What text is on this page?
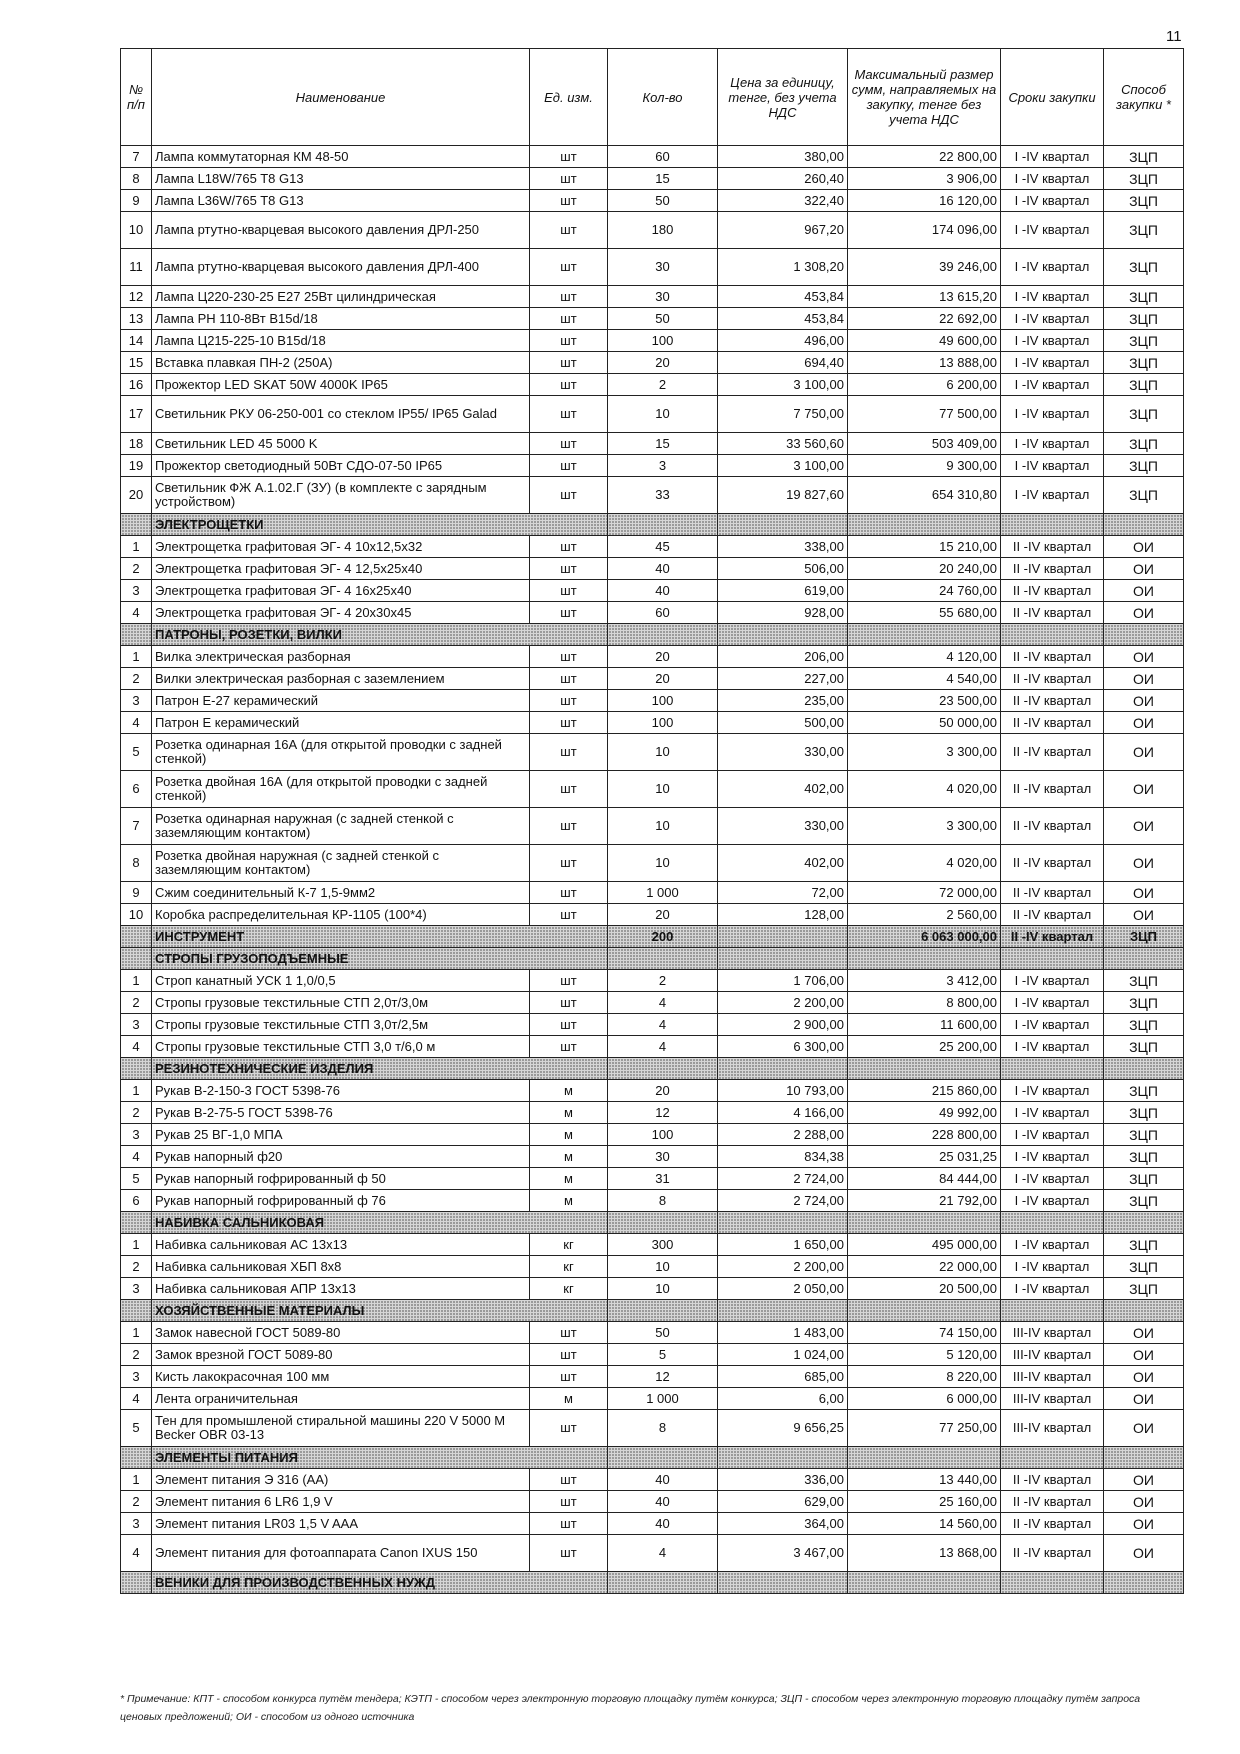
11
№ п/п	Наименование	Ед. изм.	Кол-во	Цена за единицу, тенге, без учета НДС	Максимальный размер сумм, направляемых на закупку, тенге без учета НДС	Сроки закупки	Способ закупки *
7	Лампа коммутаторная КМ 48-50	шт	60	380,00	22 800,00	I -IV квартал	ЗЦП
8	Лампа L18W/765 T8 G13	шт	15	260,40	3 906,00	I -IV квартал	ЗЦП
9	Лампа L36W/765 T8 G13	шт	50	322,40	16 120,00	I -IV квартал	ЗЦП
10	Лампа ртутно-кварцевая высокого давления ДРЛ-250	шт	180	967,20	174 096,00	I -IV квартал	ЗЦП
11	Лампа ртутно-кварцевая высокого давления ДРЛ-400	шт	30	1 308,20	39 246,00	I -IV квартал	ЗЦП
12	Лампа Ц220-230-25 Е27 25Вт цилиндрическая	шт	30	453,84	13 615,20	I -IV квартал	ЗЦП
13	Лампа РН 110-8Вт В15d/18	шт	50	453,84	22 692,00	I -IV квартал	ЗЦП
14	Лампа Ц215-225-10 В15d/18	шт	100	496,00	49 600,00	I -IV квартал	ЗЦП
15	Вставка плавкая ПН-2 (250А)	шт	20	694,40	13 888,00	I -IV квартал	ЗЦП
16	Прожектор LED SKAT 50W 4000K IP65	шт	2	3 100,00	6 200,00	I -IV квартал	ЗЦП
17	Светильник РКУ 06-250-001 со стеклом IP55/ IP65 Galad	шт	10	7 750,00	77 500,00	I -IV квартал	ЗЦП
18	Светильник LED 45 5000 K	шт	15	33 560,60	503 409,00	I -IV квартал	ЗЦП
19	Прожектор светодиодный 50Вт СДО-07-50 IP65	шт	3	3 100,00	9 300,00	I -IV квартал	ЗЦП
20	Светильник ФЖ А.1.02.Г (ЗУ) (в комплекте с зарядным устройством)	шт	33	19 827,60	654 310,80	I -IV квартал	ЗЦП
	ЭЛЕКТРОЩЕТКИ						
1	Электрощетка графитовая ЭГ- 4 10х12,5х32	шт	45	338,00	15 210,00	II -IV квартал	ОИ
2	Электрощетка графитовая ЭГ- 4 12,5х25х40	шт	40	506,00	20 240,00	II -IV квартал	ОИ
3	Электрощетка графитовая ЭГ- 4 16х25х40	шт	40	619,00	24 760,00	II -IV квартал	ОИ
4	Электрощетка графитовая ЭГ- 4 20х30х45	шт	60	928,00	55 680,00	II -IV квартал	ОИ
	ПАТРОНЫ, РОЗЕТКИ, ВИЛКИ						
1	Вилка электрическая разборная	шт	20	206,00	4 120,00	II -IV квартал	ОИ
2	Вилки электрическая разборная с заземлением	шт	20	227,00	4 540,00	II -IV квартал	ОИ
3	Патрон Е-27 керамический	шт	100	235,00	23 500,00	II -IV квартал	ОИ
4	Патрон Е керамический	шт	100	500,00	50 000,00	II -IV квартал	ОИ
5	Розетка одинарная 16А (для открытой проводки с задней стенкой)	шт	10	330,00	3 300,00	II -IV квартал	ОИ
6	Розетка двойная 16А (для открытой проводки с задней стенкой)	шт	10	402,00	4 020,00	II -IV квартал	ОИ
7	Розетка одинарная наружная (с задней стенкой с заземляющим контактом)	шт	10	330,00	3 300,00	II -IV квартал	ОИ
8	Розетка двойная наружная (с задней стенкой с заземляющим контактом)	шт	10	402,00	4 020,00	II -IV квартал	ОИ
9	Сжим соединительный К-7 1,5-9мм2	шт	1 000	72,00	72 000,00	II -IV квартал	ОИ
10	Коробка распределительная КР-1105 (100*4)	шт	20	128,00	2 560,00	II -IV квартал	ОИ
	ИНСТРУМЕНТ		200		6 063 000,00	II -IV квартал	ЗЦП
	СТРОПЫ ГРУЗОПОДЪЕМНЫЕ						
1	Строп канатный УСК 1 1,0/0,5	шт	2	1 706,00	3 412,00	I -IV квартал	ЗЦП
2	Стропы грузовые текстильные СТП 2,0т/3,0м	шт	4	2 200,00	8 800,00	I -IV квартал	ЗЦП
3	Стропы грузовые текстильные СТП 3,0т/2,5м	шт	4	2 900,00	11 600,00	I -IV квартал	ЗЦП
4	Стропы грузовые текстильные СТП 3,0 т/6,0 м	шт	4	6 300,00	25 200,00	I -IV квартал	ЗЦП
	РЕЗИНОТЕХНИЧЕСКИЕ ИЗДЕЛИЯ						
1	Рукав В-2-150-3 ГОСТ 5398-76	м	20	10 793,00	215 860,00	I -IV квартал	ЗЦП
2	Рукав В-2-75-5 ГОСТ 5398-76	м	12	4 166,00	49 992,00	I -IV квартал	ЗЦП
3	Рукав 25 ВГ-1,0 МПА	м	100	2 288,00	228 800,00	I -IV квартал	ЗЦП
4	Рукав напорный ф20	м	30	834,38	25 031,25	I -IV квартал	ЗЦП
5	Рукав напорный гофрированный ф 50	м	31	2 724,00	84 444,00	I -IV квартал	ЗЦП
6	Рукав напорный гофрированный ф 76	м	8	2 724,00	21 792,00	I -IV квартал	ЗЦП
	НАБИВКА САЛЬНИКОВАЯ						
1	Набивка сальниковая АС 13х13	кг	300	1 650,00	495 000,00	I -IV квартал	ЗЦП
2	Набивка сальниковая ХБП 8х8	кг	10	2 200,00	22 000,00	I -IV квартал	ЗЦП
3	Набивка сальниковая АПР 13х13	кг	10	2 050,00	20 500,00	I -IV квартал	ЗЦП
	ХОЗЯЙСТВЕННЫЕ МАТЕРИАЛЫ						
1	Замок навесной ГОСТ 5089-80	шт	50	1 483,00	74 150,00	III-IV квартал	ОИ
2	Замок врезной ГОСТ 5089-80	шт	5	1 024,00	5 120,00	III-IV квартал	ОИ
3	Кисть лакокрасочная 100 мм	шт	12	685,00	8 220,00	III-IV квартал	ОИ
4	Лента ограничительная	м	1 000	6,00	6 000,00	III-IV квартал	ОИ
5	Тен для промышленой стиральной машины 220 V 5000 M Becker OBR 03-13	шт	8	9 656,25	77 250,00	III-IV квартал	ОИ
	ЭЛЕМЕНТЫ ПИТАНИЯ						
1	Элемент питания Э 316 (АА)	шт	40	336,00	13 440,00	II -IV квартал	ОИ
2	Элемент питания 6 LR6 1,9 V	шт	40	629,00	25 160,00	II -IV квартал	ОИ
3	Элемент питания LR03 1,5 V AAA	шт	40	364,00	14 560,00	II -IV квартал	ОИ
4	Элемент питания для фотоаппарата Canon IXUS 150	шт	4	3 467,00	13 868,00	II -IV квартал	ОИ
	ВЕНИКИ ДЛЯ ПРОИЗВОДСТВЕННЫХ НУЖД						
* Примечание: КПТ - способом конкурса путём тендера; КЭТП - способом через электронную торговую площадку путём конкурса; ЗЦП - способом через электронную торговую площадку путём запроса ценовых предложений; ОИ - способом из одного источника
